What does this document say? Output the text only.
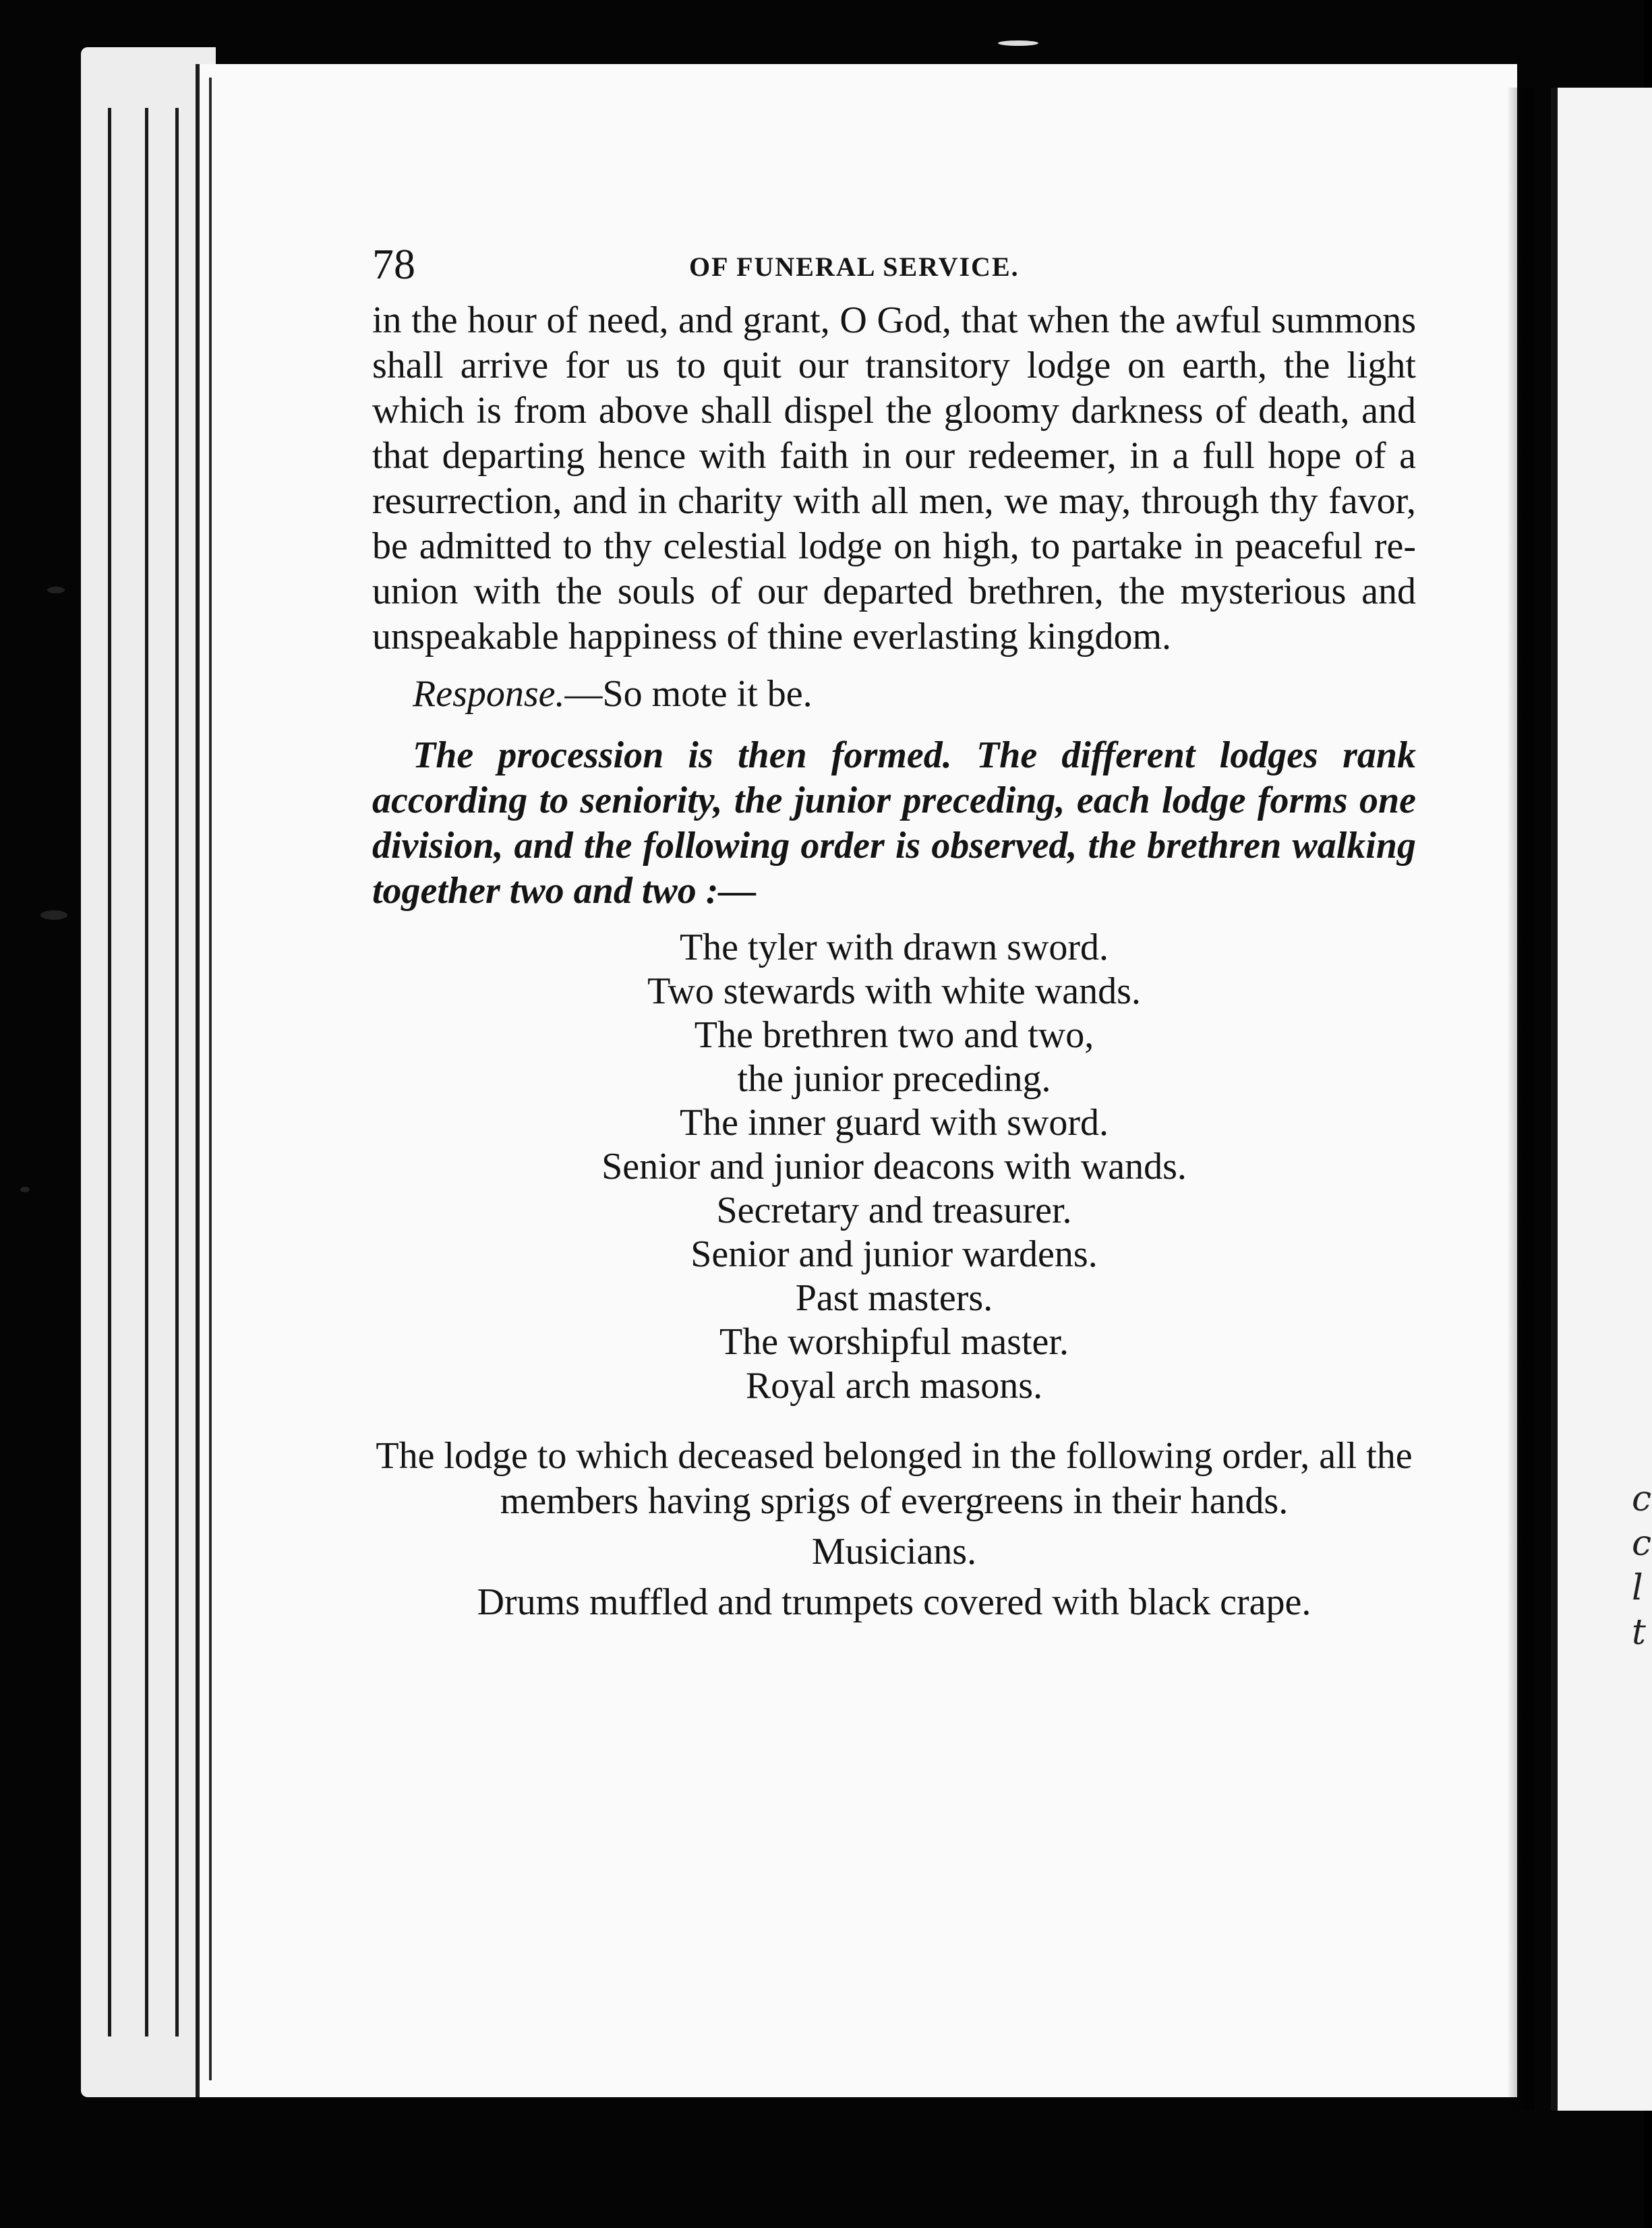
c
c
l
t
78	OF FUNERAL SERVICE.

in the hour of need, and grant, O God, that when the awful summons shall arrive for us to quit our transitory lodge on earth, the light which is from above shall dispel the gloomy darkness of death, and that departing hence with faith in our redeemer, in a full hope of a resurrection, and in charity with all men, we may, through thy favor, be admitted to thy celestial lodge on high, to partake in peaceful re-union with the souls of our departed brethren, the mysterious and unspeakable happiness of thine everlasting kingdom.

Response.—So mote it be.

The procession is then formed. The different lodges rank according to seniority, the junior preceding, each lodge forms one division, and the following order is observed, the brethren walking together two and two :—

The tyler with drawn sword.
Two stewards with white wands.
The brethren two and two,
the junior preceding.
The inner guard with sword.
Senior and junior deacons with wands.
Secretary and treasurer.
Senior and junior wardens.
Past masters.
The worshipful master.
Royal arch masons.

The lodge to which deceased belonged in the following order, all the members having sprigs of evergreens in their hands.

Musicians.

Drums muffled and trumpets covered with black crape.
